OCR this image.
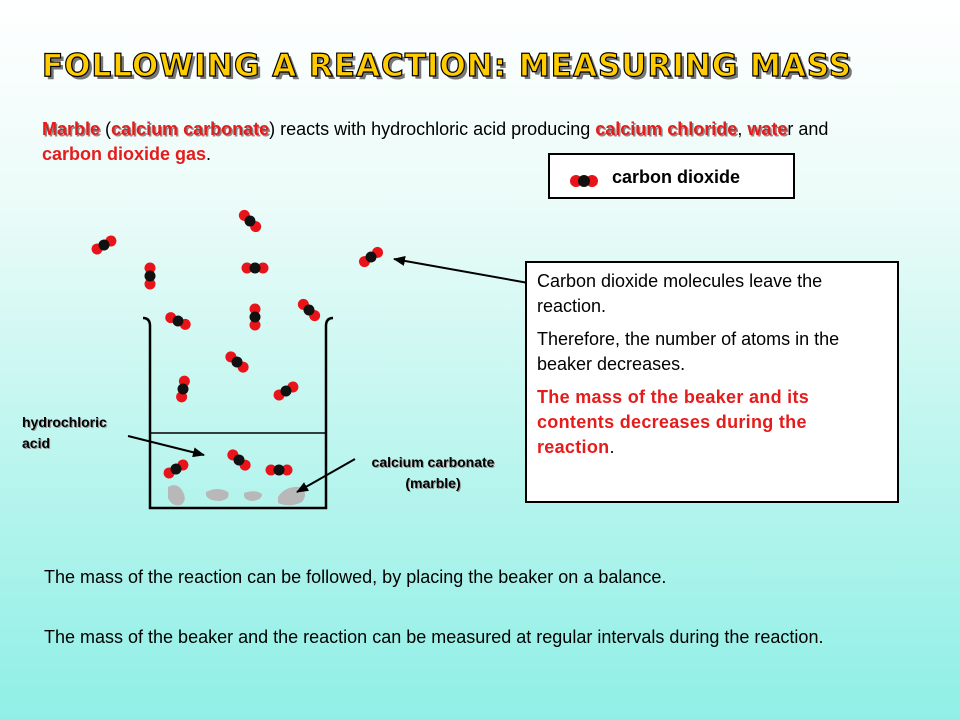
FOLLOWING A REACTION: MEASURING MASS
Marble (calcium carbonate) reacts with hydrochloric acid producing calcium chloride, water and carbon dioxide gas.
carbon dioxide

Carbon dioxide molecules leave the reaction.

Therefore, the number of atoms in the beaker decreases.

The mass of the beaker and its contents decreases during the reaction.

hydrochloric
acid
calcium carbonate
(marble)
The mass of the reaction can be followed, by placing the beaker on a balance.
The mass of the beaker and the reaction can be measured at regular intervals during the reaction.
